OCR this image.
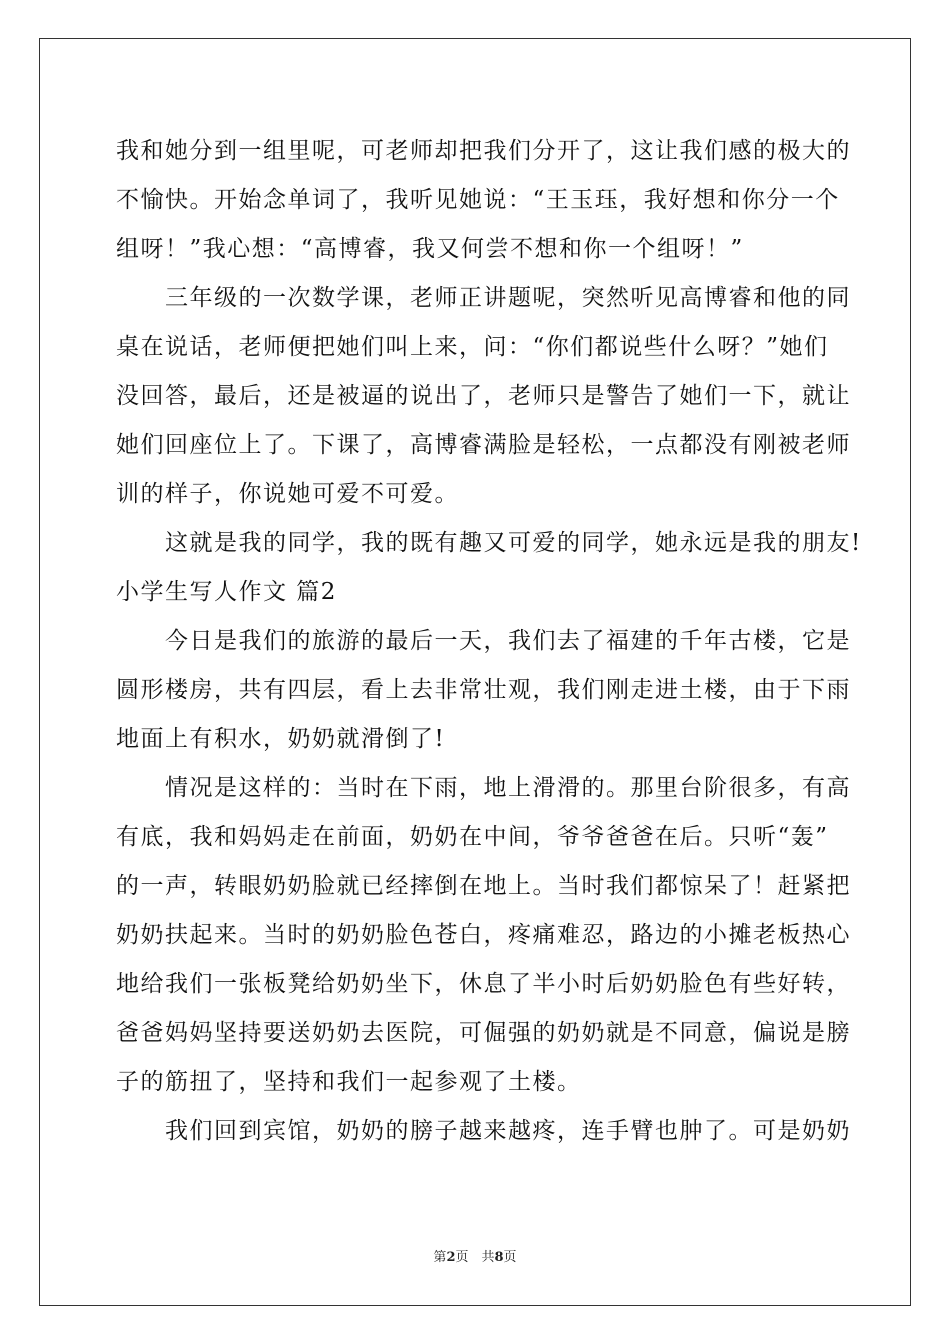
我和她分到一组里呢，可老师却把我们分开了，这让我们感的极大的
不愉快。开始念单词了，我听见她说：“王玉珏，我好想和你分一个
组呀！”我心想：“高博睿，我又何尝不想和你一个组呀！”
　　三年级的一次数学课，老师正讲题呢，突然听见高博睿和他的同
桌在说话，老师便把她们叫上来，问：“你们都说些什么呀？”她们
没回答，最后，还是被逼的说出了，老师只是警告了她们一下，就让
她们回座位上了。下课了，高博睿满脸是轻松，一点都没有刚被老师
训的样子，你说她可爱不可爱。
　　这就是我的同学，我的既有趣又可爱的同学，她永远是我的朋友!
小学生写人作文 篇2
　　今日是我们的旅游的最后一天，我们去了福建的千年古楼，它是
圆形楼房，共有四层，看上去非常壮观，我们刚走进土楼，由于下雨
地面上有积水，奶奶就滑倒了!
　　情况是这样的：当时在下雨，地上滑滑的。那里台阶很多，有高
有底，我和妈妈走在前面，奶奶在中间，爷爷爸爸在后。只听“轰”
的一声，转眼奶奶脸就已经摔倒在地上。当时我们都惊呆了！赶紧把
奶奶扶起来。当时的奶奶脸色苍白，疼痛难忍，路边的小摊老板热心
地给我们一张板凳给奶奶坐下，休息了半小时后奶奶脸色有些好转，
爸爸妈妈坚持要送奶奶去医院，可倔强的奶奶就是不同意，偏说是膀
子的筋扭了，坚持和我们一起参观了土楼。
　　我们回到宾馆，奶奶的膀子越来越疼，连手臂也肿了。可是奶奶
第2页　共8页
